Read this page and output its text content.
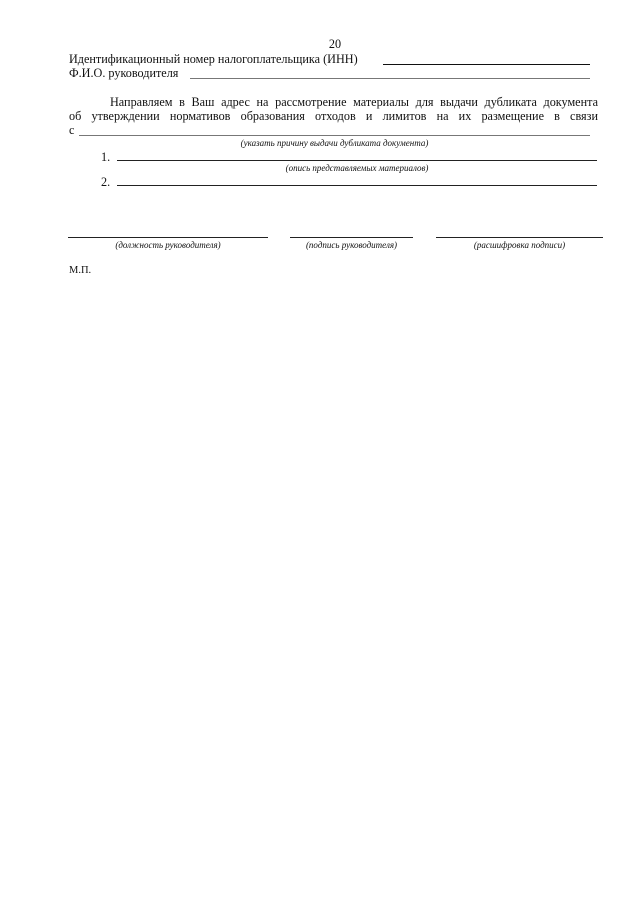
20
Идентификационный номер налогоплательщика (ИНН)
Ф.И.О. руководителя
Направляем в Ваш адрес на рассмотрение материалы для выдачи дубликата документа
об утверждении нормативов образования отходов и лимитов на их размещение в связи
с
(указать причину выдачи дубликата документа)
1.
(опись представляемых материалов)
2.
(должность руководителя)	(подпись руководителя)	(расшифровка подписи)
М.П.
